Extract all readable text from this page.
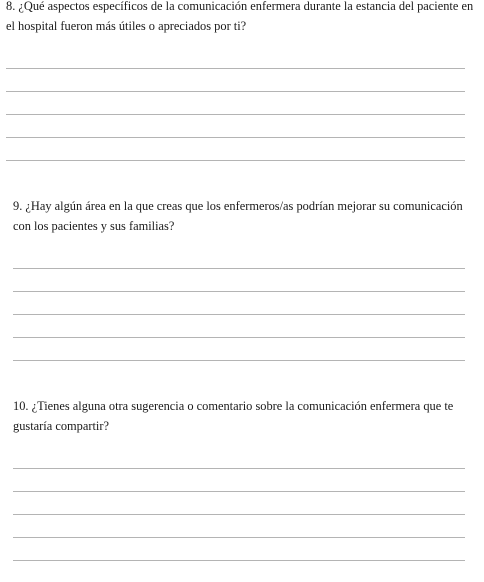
8. ¿Qué aspectos específicos de la comunicación enfermera durante la estancia del paciente en el hospital fueron más útiles o apreciados por ti?
9. ¿Hay algún área en la que creas que los enfermeros/as podrían mejorar su comunicación con los pacientes y sus familias?
10. ¿Tienes alguna otra sugerencia o comentario sobre la comunicación enfermera que te gustaría compartir?
